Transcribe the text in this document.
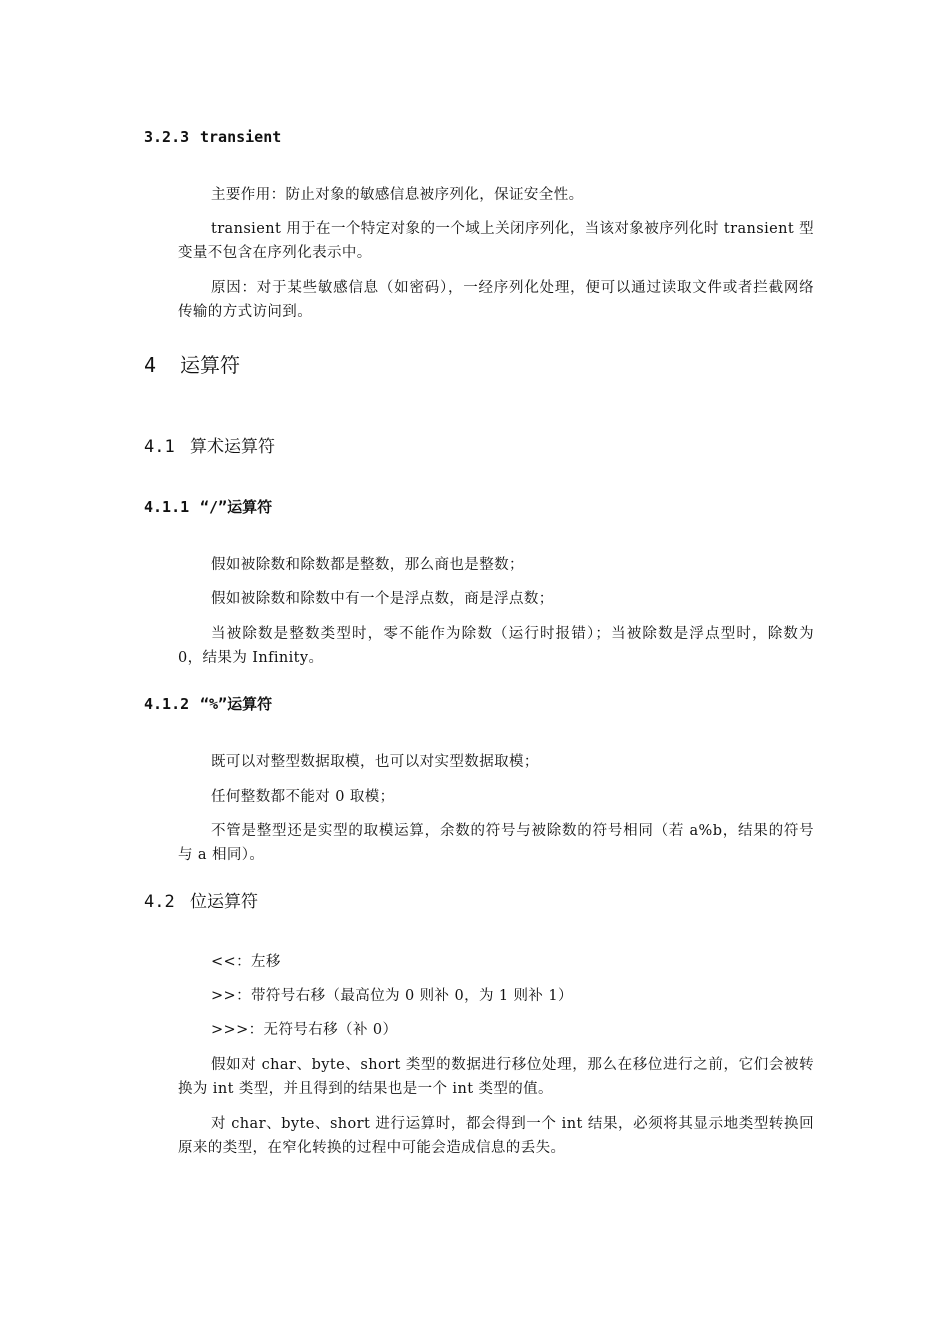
3.2.3 transient
主要作用：防止对象的敏感信息被序列化，保证安全性。
transient 用于在一个特定对象的一个域上关闭序列化，当该对象被序列化时 transient 型变量不包含在序列化表示中。
原因：对于某些敏感信息（如密码），一经序列化处理，便可以通过读取文件或者拦截网络传输的方式访问到。
4 运算符
4.1 算术运算符
4.1.1 “/”运算符
假如被除数和除数都是整数，那么商也是整数；
假如被除数和除数中有一个是浮点数，商是浮点数；
当被除数是整数类型时，零不能作为除数（运行时报错）；当被除数是浮点型时，除数为 0，结果为 Infinity。
4.1.2 “%”运算符
既可以对整型数据取模，也可以对实型数据取模；
任何整数都不能对 0 取模；
不管是整型还是实型的取模运算，余数的符号与被除数的符号相同（若 a%b，结果的符号与 a 相同）。
4.2 位运算符
<<：左移
>>：带符号右移（最高位为 0 则补 0，为 1 则补 1）
>>>：无符号右移（补 0）
假如对 char、byte、short 类型的数据进行移位处理，那么在移位进行之前，它们会被转换为 int 类型，并且得到的结果也是一个 int 类型的值。
对 char、byte、short 进行运算时，都会得到一个 int 结果，必须将其显示地类型转换回原来的类型，在窄化转换的过程中可能会造成信息的丢失。
